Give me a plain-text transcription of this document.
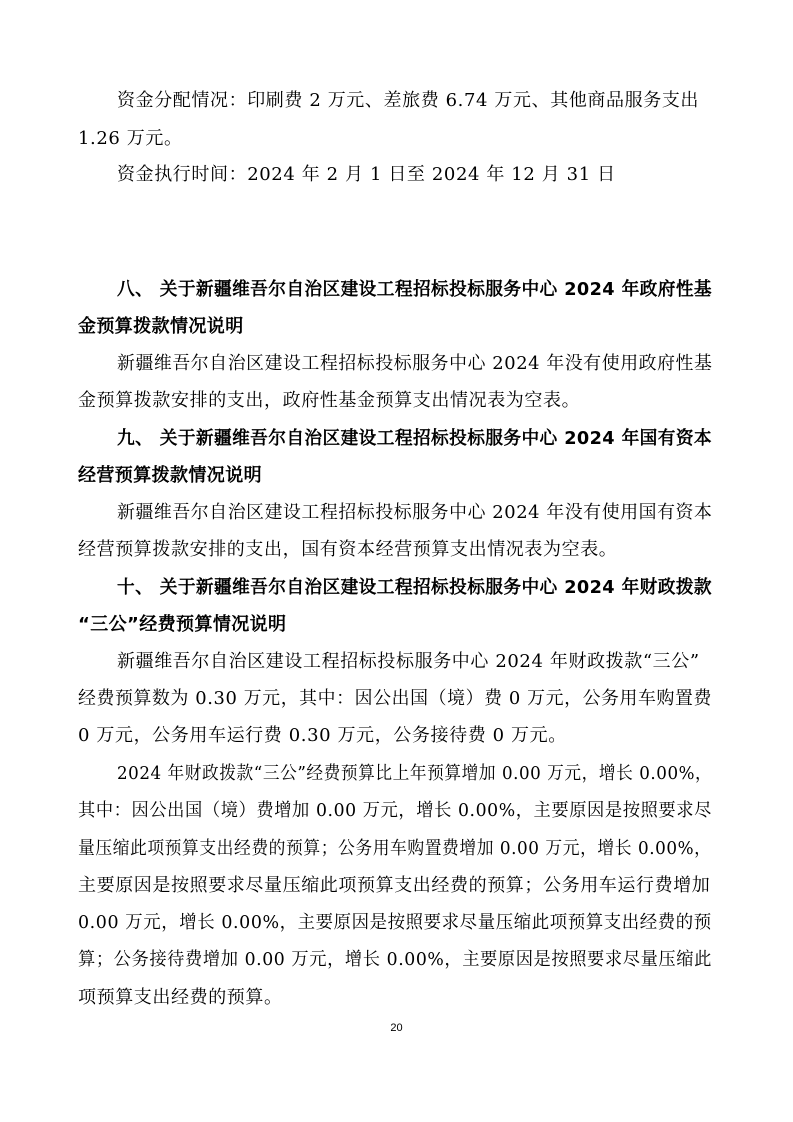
资金分配情况：印刷费 2 万元、差旅费 6.74 万元、其他商品服务支出
1.26 万元。
资金执行时间：2024 年 2 月 1 日至 2024 年 12 月 31 日
八、 关于新疆维吾尔自治区建设工程招标投标服务中心 2024 年政府性基
金预算拨款情况说明
新疆维吾尔自治区建设工程招标投标服务中心 2024 年没有使用政府性基
金预算拨款安排的支出，政府性基金预算支出情况表为空表。
九、 关于新疆维吾尔自治区建设工程招标投标服务中心 2024 年国有资本
经营预算拨款情况说明
新疆维吾尔自治区建设工程招标投标服务中心 2024 年没有使用国有资本
经营预算拨款安排的支出，国有资本经营预算支出情况表为空表。
十、 关于新疆维吾尔自治区建设工程招标投标服务中心 2024 年财政拨款
“三公”经费预算情况说明
新疆维吾尔自治区建设工程招标投标服务中心 2024 年财政拨款“三公”
经费预算数为 0.30 万元，其中：因公出国（境）费 0 万元，公务用车购置费
0 万元，公务用车运行费 0.30 万元，公务接待费 0 万元。
2024 年财政拨款“三公”经费预算比上年预算增加 0.00 万元，增长 0.00%，
其中：因公出国（境）费增加 0.00 万元，增长 0.00%，主要原因是按照要求尽
量压缩此项预算支出经费的预算；公务用车购置费增加 0.00 万元，增长 0.00%，
主要原因是按照要求尽量压缩此项预算支出经费的预算；公务用车运行费增加
0.00 万元，增长 0.00%，主要原因是按照要求尽量压缩此项预算支出经费的预
算；公务接待费增加 0.00 万元，增长 0.00%，主要原因是按照要求尽量压缩此
项预算支出经费的预算。
20
